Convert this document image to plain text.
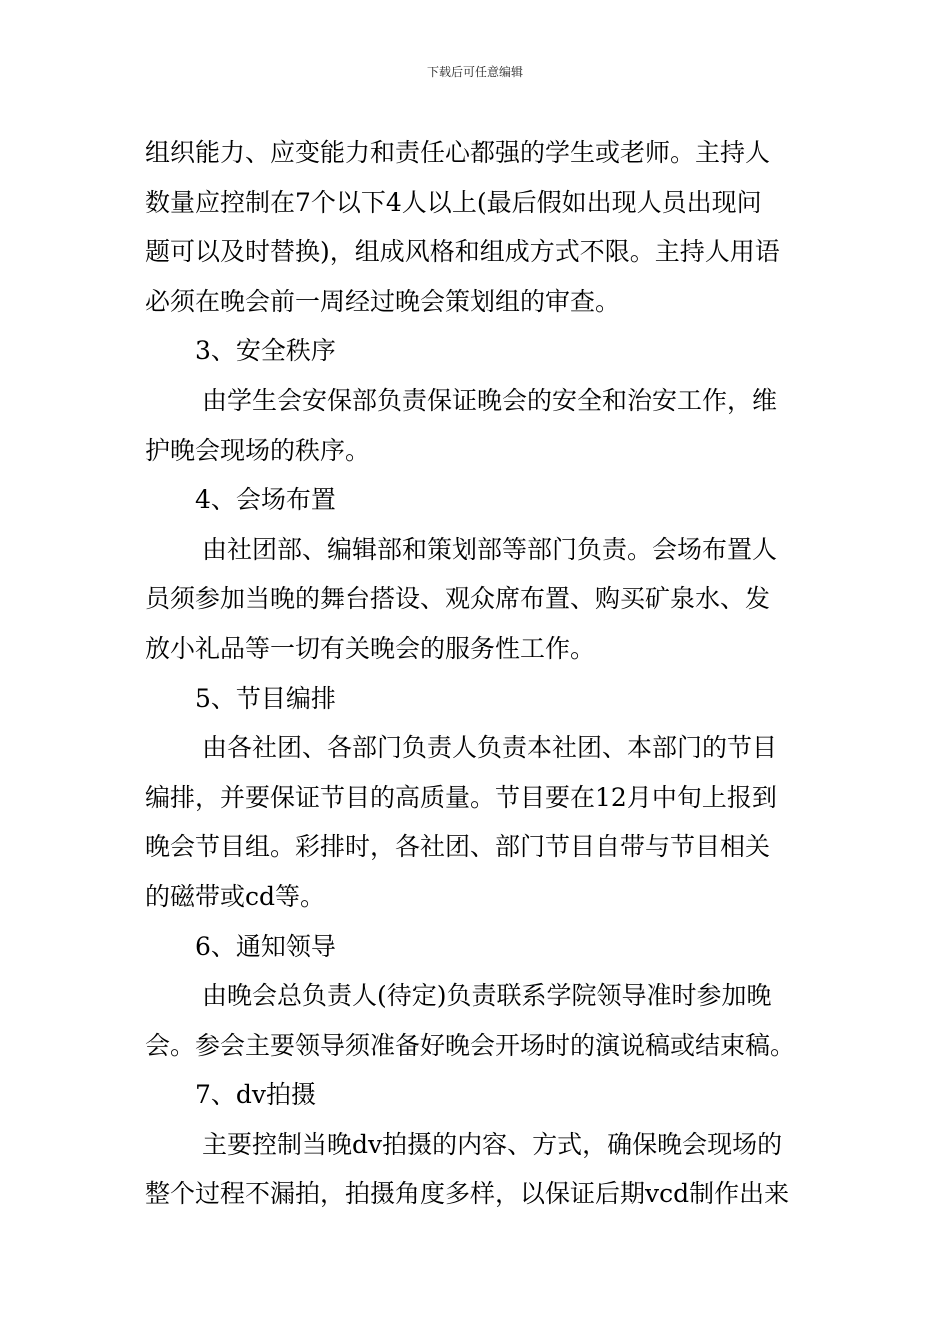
下载后可任意编辑
组织能力、应变能力和责任心都强的学生或老师。主持人
数量应控制在7个以下4人以上(最后假如出现人员出现问
题可以及时替换)，组成风格和组成方式不限。主持人用语
必须在晚会前一周经过晚会策划组的审查。
3、安全秩序
由学生会安保部负责保证晚会的安全和治安工作，维
护晚会现场的秩序。
4、会场布置
由社团部、编辑部和策划部等部门负责。会场布置人
员须参加当晚的舞台搭设、观众席布置、购买矿泉水、发
放小礼品等一切有关晚会的服务性工作。
5、节目编排
由各社团、各部门负责人负责本社团、本部门的节目
编排，并要保证节目的高质量。节目要在12月中旬上报到
晚会节目组。彩排时，各社团、部门节目自带与节目相关
的磁带或cd等。
6、通知领导
由晚会总负责人(待定)负责联系学院领导准时参加晚
会。参会主要领导须准备好晚会开场时的演说稿或结束稿。
7、dv拍摄
主要控制当晚dv拍摄的内容、方式，确保晚会现场的
整个过程不漏拍，拍摄角度多样，以保证后期vcd制作出来
